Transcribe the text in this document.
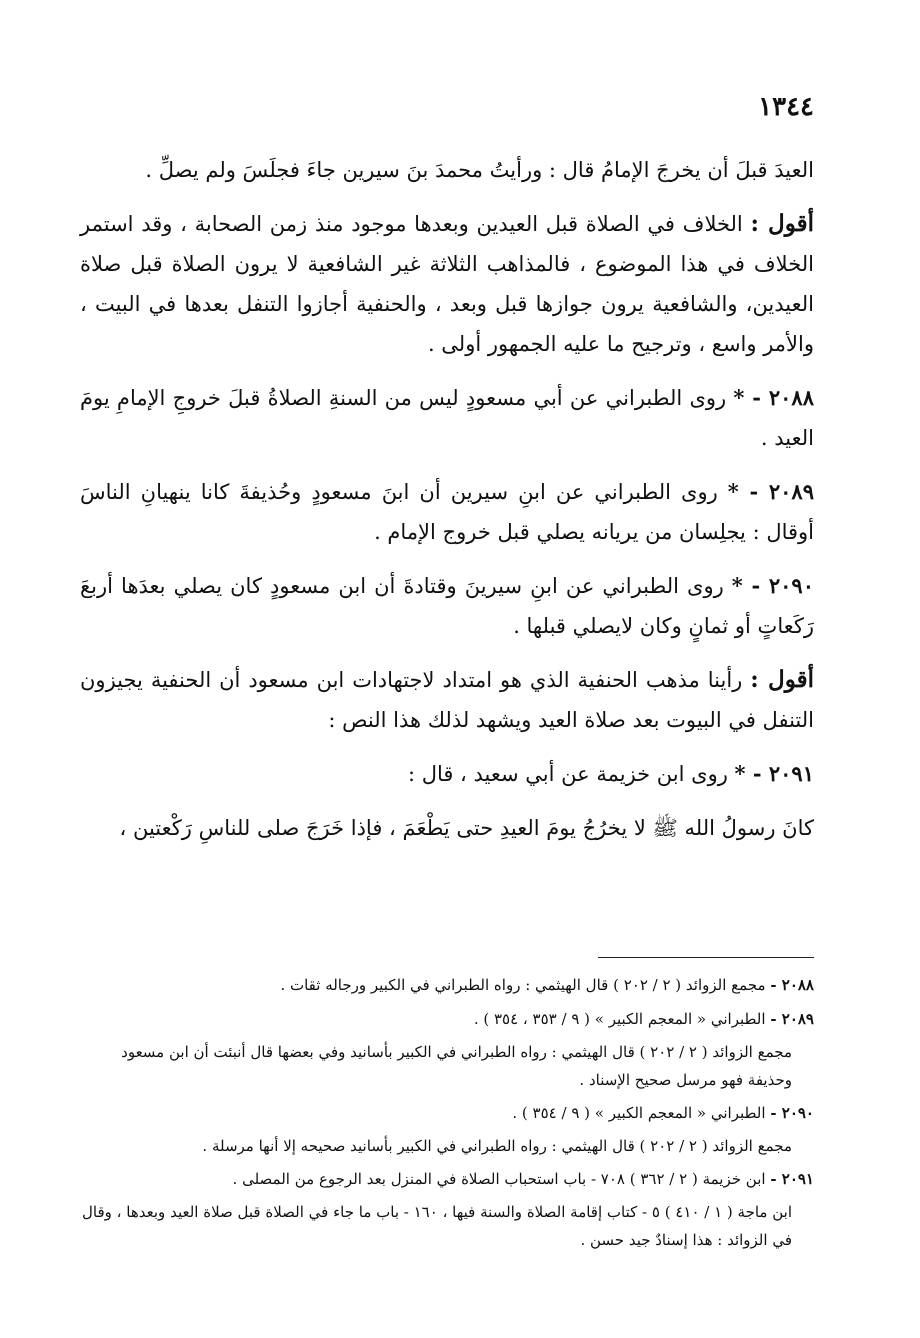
١٣٤٤

العيدَ قبلَ أن يخرجَ الإمامُ قال : ورأيتُ محمدَ بنَ سيرين جاءَ فجلَسَ ولم يصلِّ .

أقول : الخلاف في الصلاة قبل العيدين وبعدها موجود منذ زمن الصحابة ، وقد استمر الخلاف في هذا الموضوع ، فالمذاهب الثلاثة غير الشافعية لا يرون الصلاة قبل صلاة العيدين، والشافعية يرون جوازها قبل وبعد ، والحنفية أجازوا التنفل بعدها في البيت ، والأمر واسع ، وترجيح ما عليه الجمهور أولى .

٢٠٨٨ - * روى الطبراني عن أبي مسعودٍ ليس من السنةِ الصلاةُ قبلَ خروجِ الإمامِ يومَ العيد .

٢٠٨٩ - * روى الطبراني عن ابنِ سيرين أن ابنَ مسعودٍ وحُذيفةَ كانا ينهيانِ الناسَ أوقال : يجلِسان من يريانه يصلي قبل خروج الإمام .

٢٠٩٠ - * روى الطبراني عن ابنِ سيرينَ وقتادةَ أن ابن مسعودٍ كان يصلي بعدَها أربعَ رَكَعاتٍ أو ثمانٍ وكان لايصلي قبلها .

أقول : رأينا مذهب الحنفية الذي هو امتداد لاجتهادات ابن مسعود أن الحنفية يجيزون التنفل في البيوت بعد صلاة العيد ويشهد لذلك هذا النص :

٢٠٩١ - * روى ابن خزيمة عن أبي سعيد ، قال :

كانَ رسولُ الله ﷺ لا يخرُجُ يومَ العيدِ حتى يَطْعَمَ ، فإذا خَرَجَ صلى للناسِ رَكْعتين ،

٢٠٨٨ - مجمع الزوائد ( ٢ / ٢٠٢ ) قال الهيثمي : رواه الطبراني في الكبير ورجاله ثقات .
٢٠٨٩ - الطبراني « المعجم الكبير » ( ٩ / ٣٥٣ ، ٣٥٤ ) .
مجمع الزوائد ( ٢ / ٢٠٢ ) قال الهيثمي : رواه الطبراني في الكبير بأسانيد وفي بعضها قال أنبئت أن ابن مسعود وحذيفة فهو مرسل صحيح الإسناد .
٢٠٩٠ - الطبراني « المعجم الكبير » ( ٩ / ٣٥٤ ) .
مجمع الزوائد ( ٢ / ٢٠٢ ) قال الهيثمي : رواه الطبراني في الكبير بأسانيد صحيحه إلا أنها مرسلة .
٢٠٩١ - ابن خزيمة ( ٢ / ٣٦٢ ) ٧٠٨ - باب استحباب الصلاة في المنزل بعد الرجوع من المصلى .
ابن ماجة ( ١ / ٤١٠ ) ٥ - كتاب إقامة الصلاة والسنة فيها ، ١٦٠ - باب ما جاء في الصلاة قبل صلاة العيد وبعدها ، وقال في الزوائد : هذا إسنادٌ جيد حسن .
